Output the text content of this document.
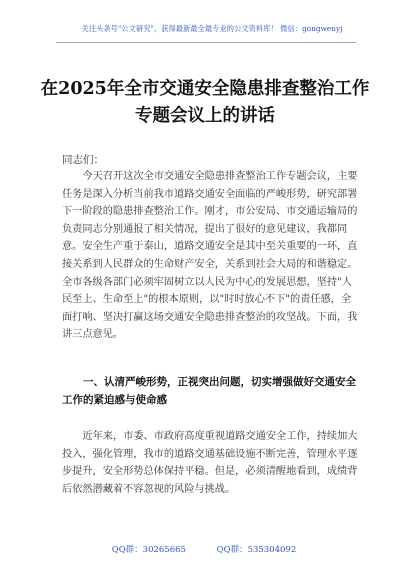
关注头条号"公文研究"，获得最新最全最专业的公文资料库！ 微信：gongwenyj
在2025年全市交通安全隐患排查整治工作专题会议上的讲话
同志们：
今天召开这次全市交通安全隐患排查整治工作专题会议，主要任务是深入分析当前我市道路交通安全面临的严峻形势，研究部署下一阶段的隐患排查整治工作。刚才，市公安局、市交通运输局的负责同志分别通报了相关情况，提出了很好的意见建议，我都同意。安全生产重于泰山，道路交通安全是其中至关重要的一环，直接关系到人民群众的生命财产安全，关系到社会大局的和谐稳定。全市各级各部门必须牢固树立以人民为中心的发展思想，坚持"人民至上、生命至上"的根本原则，以"时时放心不下"的责任感，全面打响、坚决打赢这场交通安全隐患排查整治的攻坚战。下面，我讲三点意见。
一、认清严峻形势，正视突出问题，切实增强做好交通安全工作的紧迫感与使命感
近年来，市委、市政府高度重视道路交通安全工作，持续加大投入，强化管理，我市的道路交通基础设施不断完善，管理水平逐步提升，安全形势总体保持平稳。但是，必须清醒地看到，成绩背后依然潜藏着不容忽视的风险与挑战。
QQ群：30265665	QQ群：535304092
